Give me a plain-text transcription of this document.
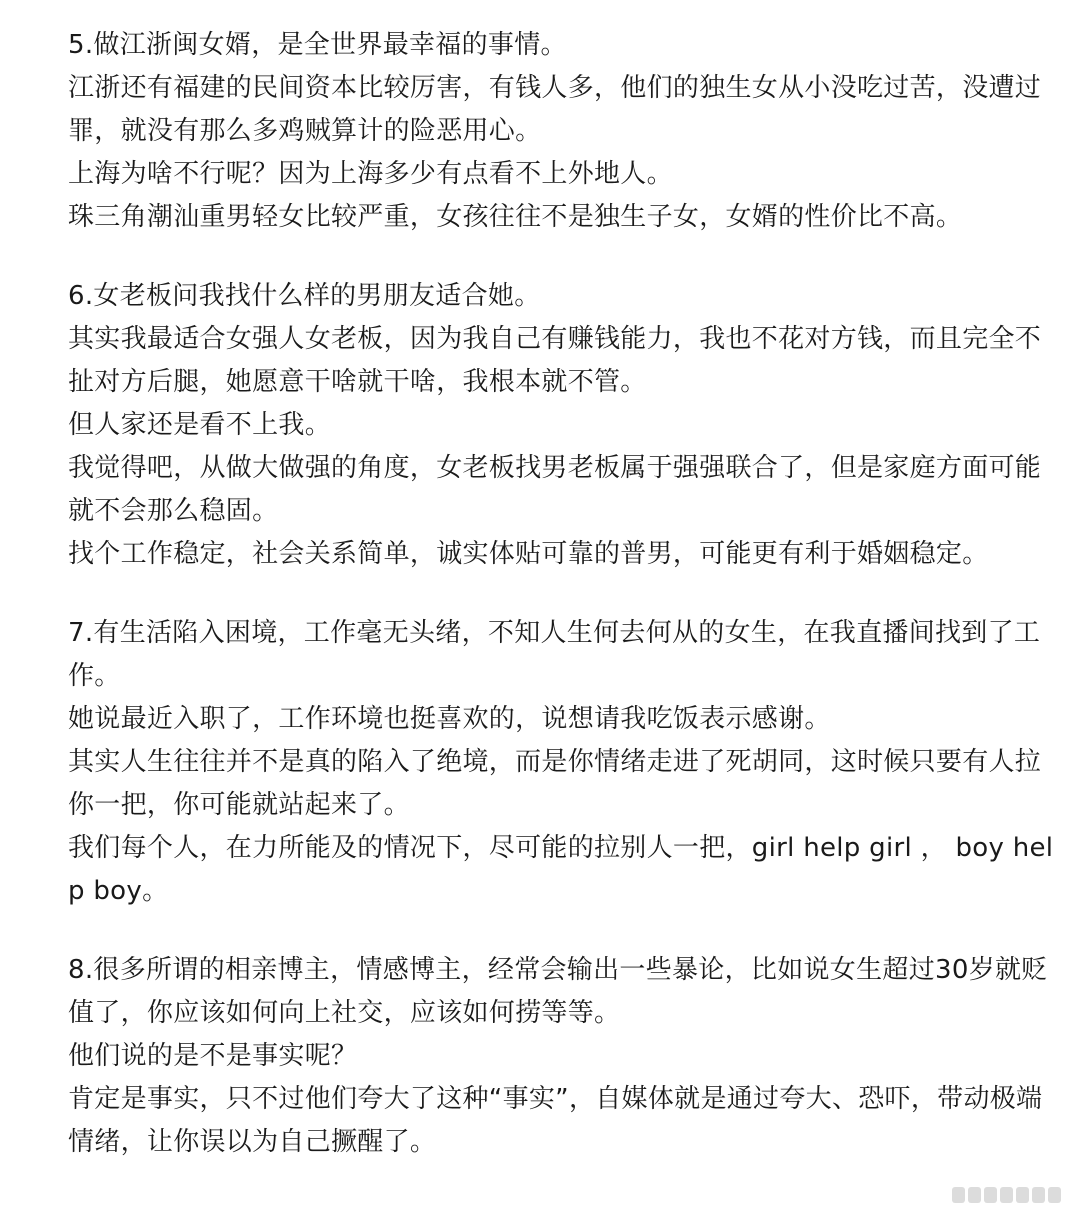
5.做江浙闽女婿，是全世界最幸福的事情。

江浙还有福建的民间资本比较厉害，有钱人多，他们的独生女从小没吃过苦，没遭过罪，就没有那么多鸡贼算计的险恶用心。

上海为啥不行呢？因为上海多少有点看不上外地人。

珠三角潮汕重男轻女比较严重，女孩往往不是独生子女，女婿的性价比不高。

6.女老板问我找什么样的男朋友适合她。

其实我最适合女强人女老板，因为我自己有赚钱能力，我也不花对方钱，而且完全不扯对方后腿，她愿意干啥就干啥，我根本就不管。

但人家还是看不上我。

我觉得吧，从做大做强的角度，女老板找男老板属于强强联合了，但是家庭方面可能就不会那么稳固。

找个工作稳定，社会关系简单，诚实体贴可靠的普男，可能更有利于婚姻稳定。

7.有生活陷入困境，工作毫无头绪，不知人生何去何从的女生，在我直播间找到了工作。

她说最近入职了，工作环境也挺喜欢的，说想请我吃饭表示感谢。

其实人生往往并不是真的陷入了绝境，而是你情绪走进了死胡同，这时候只要有人拉你一把，你可能就站起来了。

我们每个人，在力所能及的情况下，尽可能的拉别人一把，girl help girl ， boy help boy。

8.很多所谓的相亲博主，情感博主，经常会输出一些暴论，比如说女生超过30岁就贬值了，你应该如何向上社交，应该如何捞等等。

他们说的是不是事实呢？

肯定是事实，只不过他们夸大了这种“事实”，自媒体就是通过夸大、恐吓，带动极端情绪，让你误以为自己撅醒了。
